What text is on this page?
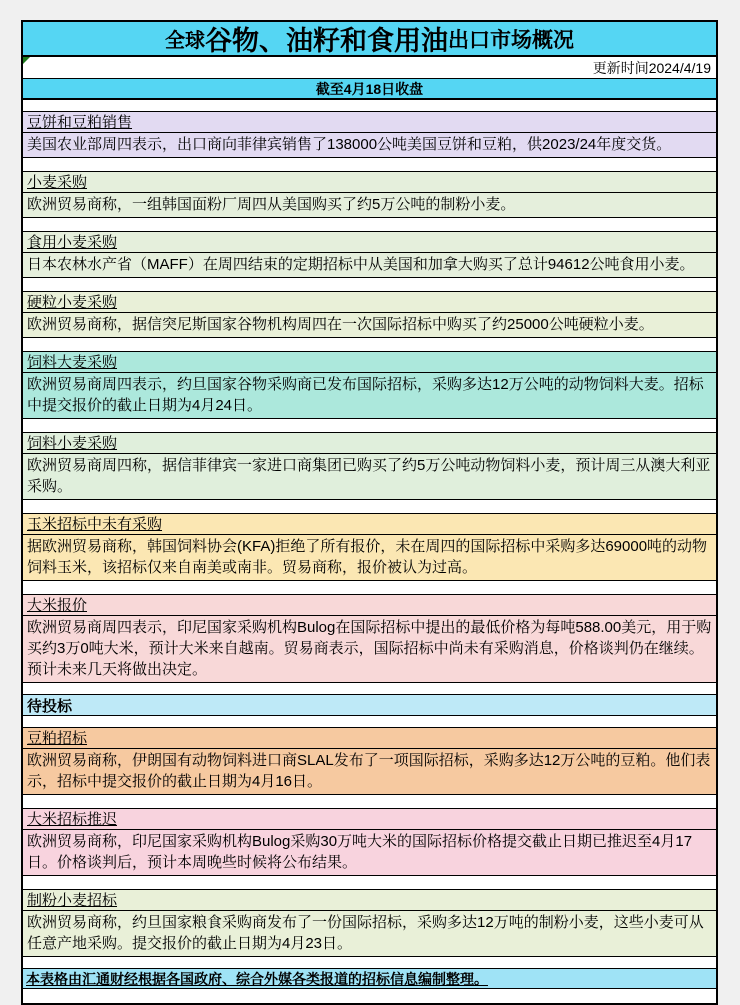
全球 谷物、油籽和食用油 出口市场概况
更新时间2024/4/19
截至4月18日收盘
豆饼和豆粕销售
美国农业部周四表示，出口商向菲律宾销售了138000公吨美国豆饼和豆粕，供2023/24年度交货。
小麦采购
欧洲贸易商称，一组韩国面粉厂周四从美国购买了约5万公吨的制粉小麦。
食用小麦采购
日本农林水产省（MAFF）在周四结束的定期招标中从美国和加拿大购买了总计94612公吨食用小麦。
硬粒小麦采购
欧洲贸易商称，据信突尼斯国家谷物机构周四在一次国际招标中购买了约25000公吨硬粒小麦。
饲料大麦采购
欧洲贸易商周四表示，约旦国家谷物采购商已发布国际招标，采购多达12万公吨的动物饲料大麦。招标中提交报价的截止日期为4月24日。
饲料小麦采购
欧洲贸易商周四称，据信菲律宾一家进口商集团已购买了约5万公吨动物饲料小麦，预计周三从澳大利亚采购。
玉米招标中未有采购
据欧洲贸易商称，韩国饲料协会(KFA)拒绝了所有报价，未在周四的国际招标中采购多达69000吨的动物饲料玉米，该招标仅来自南美或南非。贸易商称，报价被认为过高。
大米报价
欧洲贸易商周四表示，印尼国家采购机构Bulog在国际招标中提出的最低价格为每吨588.00美元，用于购买约3万0吨大米，预计大米来自越南。贸易商表示，国际招标中尚未有采购消息，价格谈判仍在继续。预计未来几天将做出决定。
待投标
豆粕招标
欧洲贸易商称，伊朗国有动物饲料进口商SLAL发布了一项国际招标，采购多达12万公吨的豆粕。他们表示，招标中提交报价的截止日期为4月16日。
大米招标推迟
欧洲贸易商称，印尼国家采购机构Bulog采购30万吨大米的国际招标价格提交截止日期已推迟至4月17日。价格谈判后，预计本周晚些时候将公布结果。
制粉小麦招标
欧洲贸易商称，约旦国家粮食采购商发布了一份国际招标，采购多达12万吨的制粉小麦，这些小麦可从任意产地采购。提交报价的截止日期为4月23日。
本表格由汇通财经根据各国政府、综合外媒各类报道的招标信息编制整理。
